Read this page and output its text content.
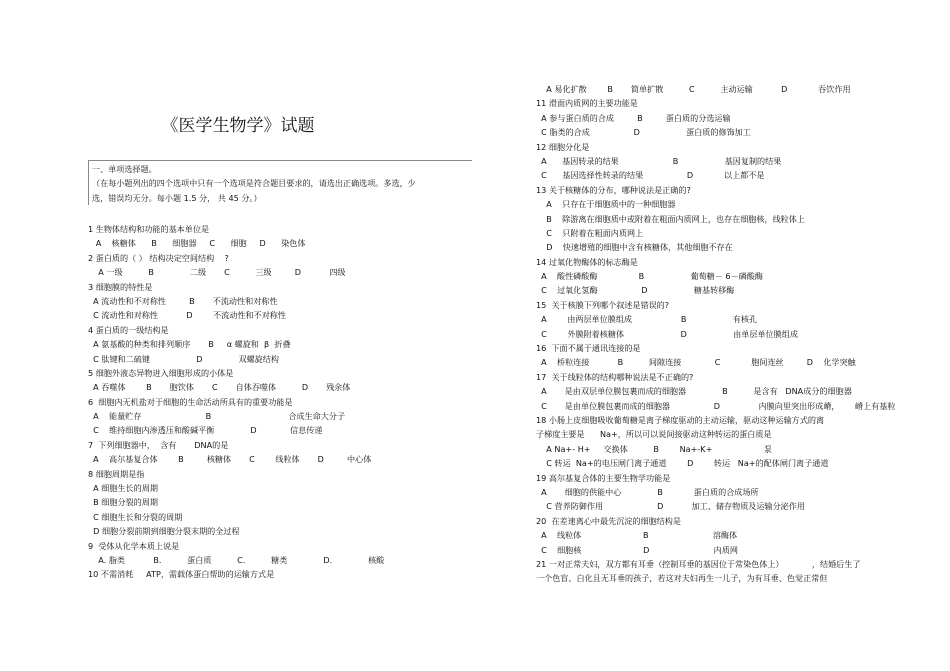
《医学生物学》试题
一、单项选择题。
（在每小题列出的四个选项中只有一个选项是符合题目要求的，请选出正确选项。多选，少
选，错误均无分。每小题 1.5 分， 共 45 分。）
1 生物体结构和功能的基本单位是
A    核糖体      B      细胞器     C      细胞     D      染色体
2 蛋白质的（ ） 结构决定空间结构    ?
A 一级          B              二级       C          三级         D           四级
3 细胞膜的特性是
A 流动性和不对称性         B       不流动性和对称性
C 流动性和对称性           D        不流动性和不对称性
4 蛋白质的一级结构是
A 氨基酸的种类和排列顺序       B     α 螺旋和  β  折叠
C 肽键和二硫键                  D              双螺旋结构
5 细胞外液态异物进入细胞形成的小体是
A 吞噬体        B       胞饮体       C       自体吞噬体          D       残余体
6  细胞内无机盐对于细胞的生命活动所具有的重要功能是
A    能量贮存                         B                              合成生命大分子
C    维持细胞内渗透压和酸碱平衡              D             信息传递
7  下列细胞器中，  含有       DNA的是
A    高尔基复合体        B         核糖体       C        线粒体       D         中心体
8 细胞周期是指
A 细胞生长的周期
B 细胞分裂的周期
C 细胞生长和分裂的周期
D 细胞分裂前期到细胞分裂末期的全过程
9  受体从化学本质上说是
A. 脂类           B.          蛋白质          C.          糖类              D.              核酸
10 不需消耗     ATP，需载体蛋白帮助的运输方式是
A 易化扩散        B       简单扩散          C          主动运输           D            吞饮作用
11 滑面内质网的主要功能是
A 参与蛋白质的合成         B         蛋白质的分选运输
C 脂类的合成                 D                  蛋白质的修饰加工
12 细胞分化是
A      基因转录的结果                     B                  基因复制的结果
C      基因选择性转录的结果                 D            以上都不是
13 关于核糖体的分布，哪种说法是正确的?
A    只存在于细胞质中的一种细胞器
B    除游离在细胞质中或附着在粗面内质网上，也存在细胞核，线粒体上
C    只附着在粗面内质网上
D    快速增殖的细胞中含有核糖体，其他细胞不存在
14 过氧化物酶体的标志酶是
A    酸性磷酸酶                B                  葡萄糖－ 6－磷酸酶
C    过氧化氢酶                 D                  糖基转移酶
15  关于核膜下列哪个叙述是错误的?
A        由两层单位膜组成                   B                  有核孔
C        外膜附着核糖体                      D                  由单层单位膜组成
16  下面不属于通讯连接的是
A    桥粒连接           B          间隙连接             C            胞间连丝         D    化学突触
17  关于线粒体的结构哪种说法是不正确的?
A       是由双层单位膜包裹而成的细胞器              B          是含有   DNA成分的细胞器
C       是由单位膜包裹而成的细胞器                 D               内膜向里突出形成嵴，      嵴上有基粒
18 小肠上皮细胞吸收葡萄糖是离子梯度驱动的主动运输，驱动这种运输方式的离
子梯度主要是      Na+，所以可以说间接驱动这种转运的蛋白质是
A Na+- H+     交换体          B        Na+-K+                    泵
C 转运  Na+的电压闸门离子通道        D        转运   Na+的配体闸门离子通道
19 高尔基复合体的主要生物学功能是
A       细胞的供能中心              B            蛋白质的合成场所
C 营养防御作用                     D           加工、储存物质及运输分泌作用
20  在差速离心中最先沉淀的细胞结构是
A    线粒体                        B                         溶酶体
C    细胞核                        D                         内质网
21 一对正常夫妇，双方都有耳垂（控制耳垂的基因位于常染色体上）           ，结婚后生了
一个色盲、白化且无耳垂的孩子，若这对夫妇再生一儿子，为有耳垂、色觉正常但
